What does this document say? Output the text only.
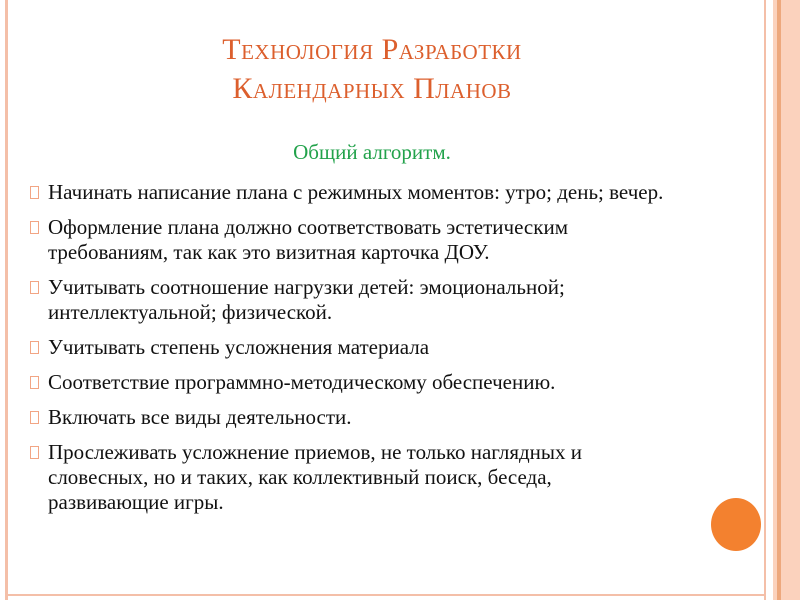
Технология Разработки
Календарных Планов
Общий алгоритм.
Начинать написание плана с режимных моментов: утро; день; вечер.
Оформление плана должно соответствовать эстетическим требованиям, так как это визитная карточка ДОУ.
Учитывать соотношение нагрузки детей: эмоциональной; интеллектуальной; физической.
Учитывать степень усложнения материала
Соответствие программно-методическому обеспечению.
Включать все виды деятельности.
Прослеживать усложнение приемов, не только наглядных и словесных, но и таких, как коллективный поиск, беседа, развивающие игры.
